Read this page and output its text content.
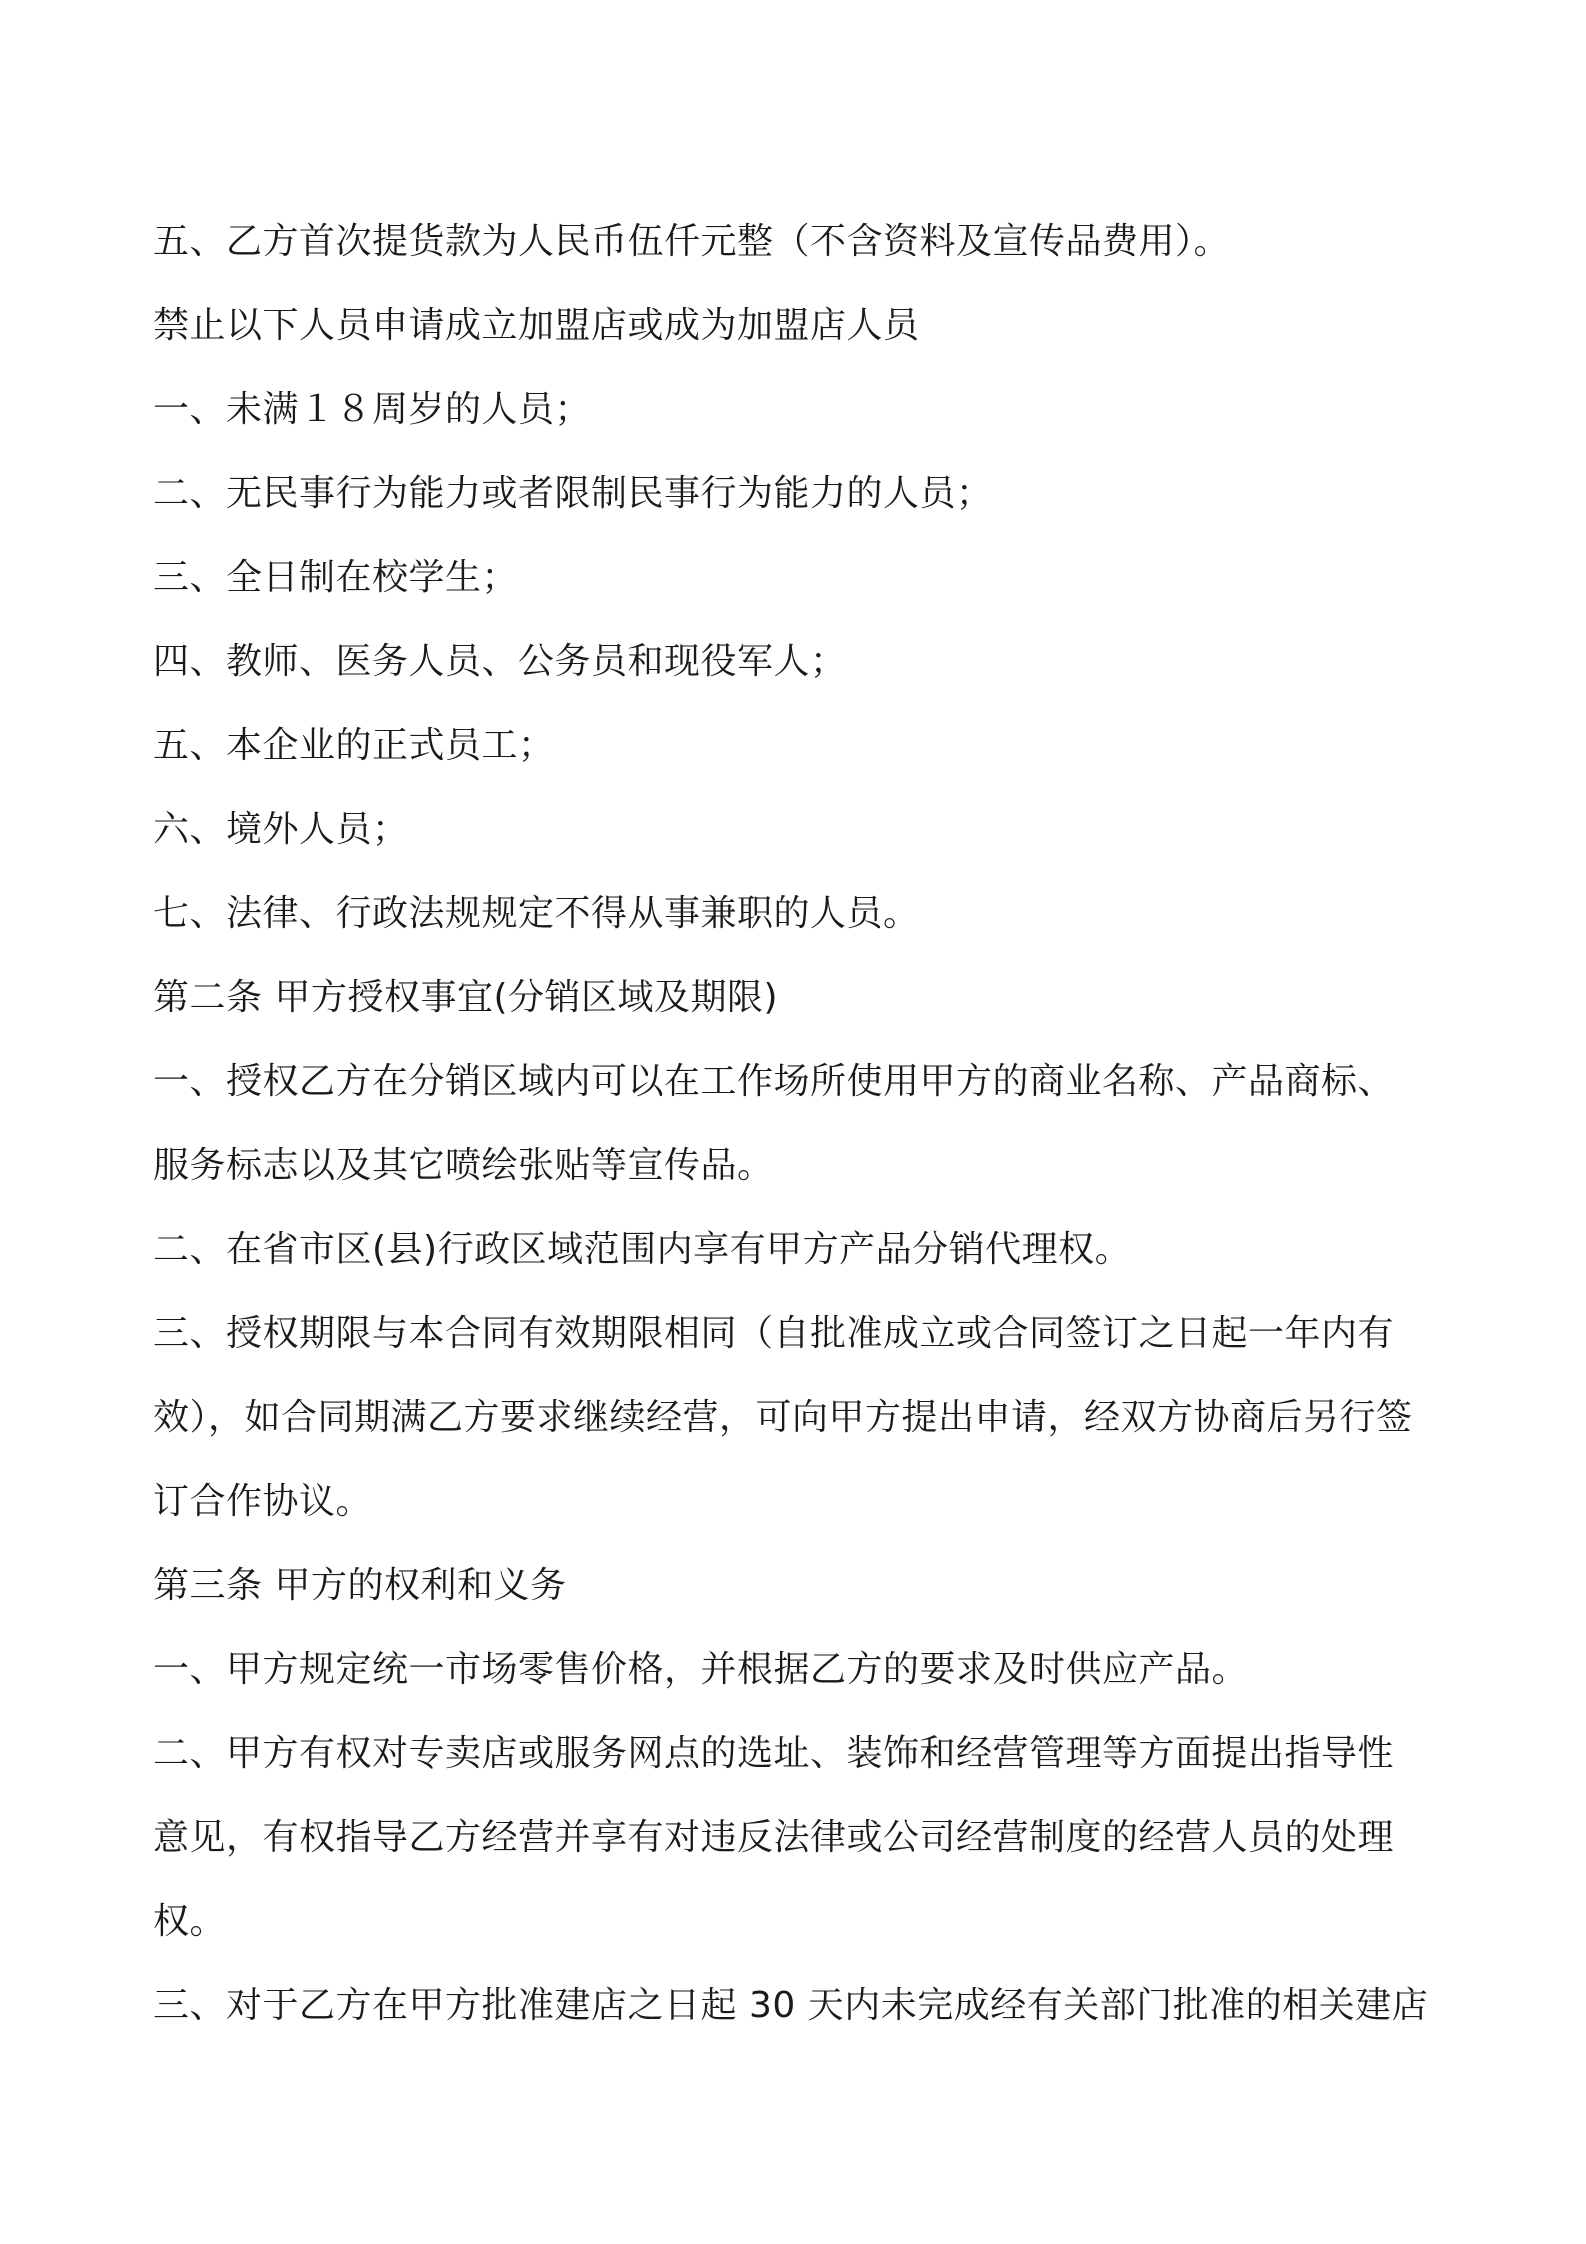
五、乙方首次提货款为人民币伍仟元整（不含资料及宣传品费用）。
禁止以下人员申请成立加盟店或成为加盟店人员
一、未满１８周岁的人员；
二、无民事行为能力或者限制民事行为能力的人员；
三、全日制在校学生；
四、教师、医务人员、公务员和现役军人；
五、本企业的正式员工；
六、境外人员；
七、法律、行政法规规定不得从事兼职的人员。
第二条 甲方授权事宜(分销区域及期限)
一、授权乙方在分销区域内可以在工作场所使用甲方的商业名称、产品商标、
服务标志以及其它喷绘张贴等宣传品。
二、在省市区(县)行政区域范围内享有甲方产品分销代理权。
三、授权期限与本合同有效期限相同（自批准成立或合同签订之日起一年内有
效），如合同期满乙方要求继续经营，可向甲方提出申请，经双方协商后另行签
订合作协议。
第三条 甲方的权利和义务
一、甲方规定统一市场零售价格，并根据乙方的要求及时供应产品。
二、甲方有权对专卖店或服务网点的选址、装饰和经营管理等方面提出指导性
意见，有权指导乙方经营并享有对违反法律或公司经营制度的经营人员的处理
权。
三、对于乙方在甲方批准建店之日起 30 天内未完成经有关部门批准的相关建店
